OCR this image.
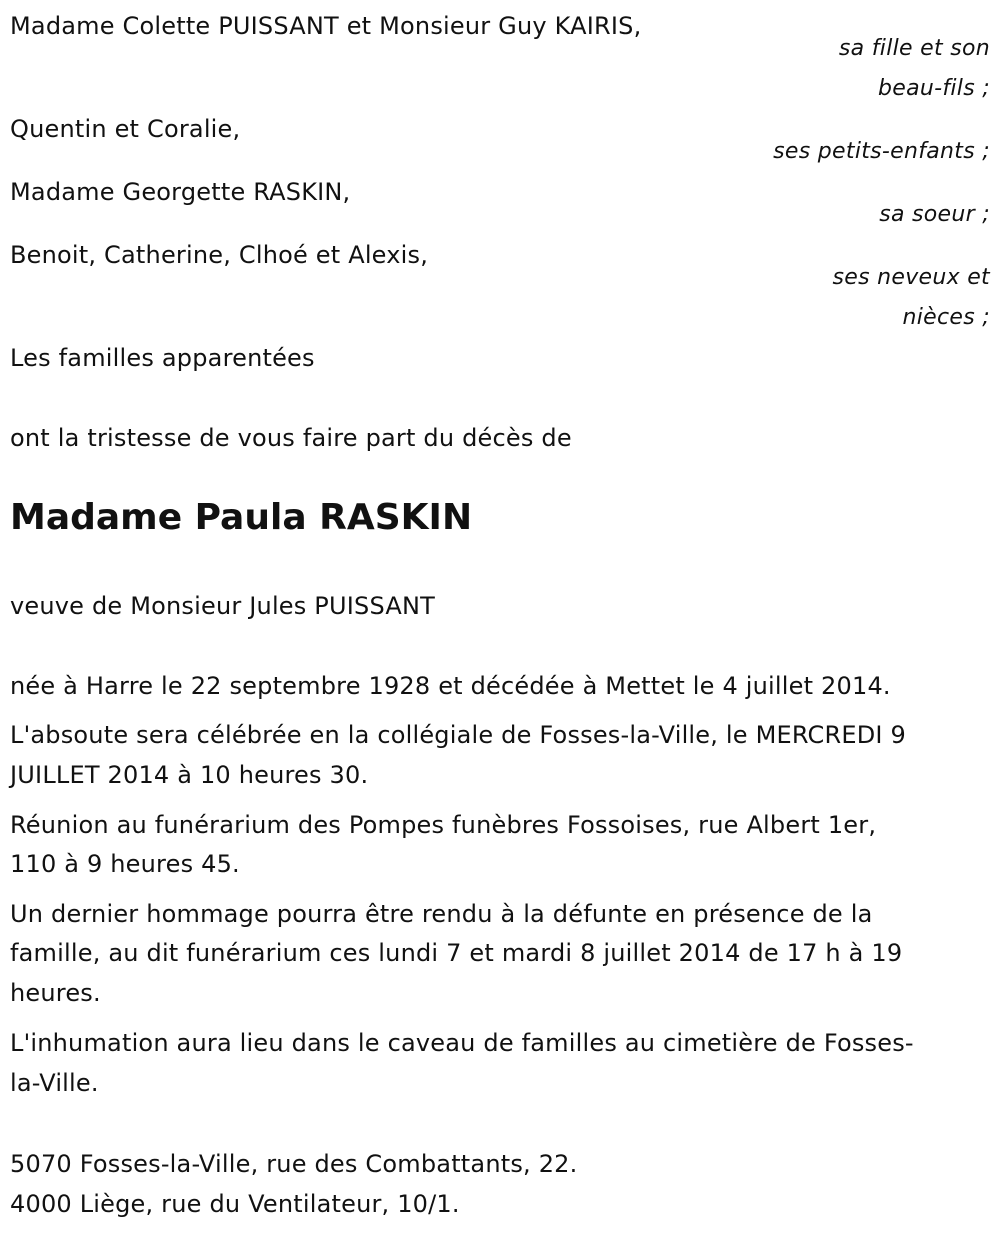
Madame Colette PUISSANT et Monsieur Guy KAIRIS,
sa fille et son
beau-fils ;
Quentin et Coralie,
ses petits-enfants ;
Madame Georgette RASKIN,
sa soeur ;
Benoit, Catherine, Clhoé et Alexis,
ses neveux et
nièces ;
Les familles apparentées
ont la tristesse de vous faire part du décès de
Madame Paula RASKIN
veuve de Monsieur Jules PUISSANT
née à Harre le 22 septembre 1928 et décédée à Mettet le 4 juillet 2014.
L'absoute sera célébrée en la collégiale de Fosses-la-Ville, le MERCREDI 9
JUILLET 2014 à 10 heures 30.
Réunion au funérarium des Pompes funèbres Fossoises, rue Albert 1er,
110 à 9 heures 45.
Un dernier hommage pourra être rendu à la défunte en présence de la
famille, au dit funérarium ces lundi 7 et mardi 8 juillet 2014 de 17 h à 19
heures.
L'inhumation aura lieu dans le caveau de familles au cimetière de Fosses-
la-Ville.
5070 Fosses-la-Ville, rue des Combattants, 22.
4000 Liège, rue du Ventilateur, 10/1.
